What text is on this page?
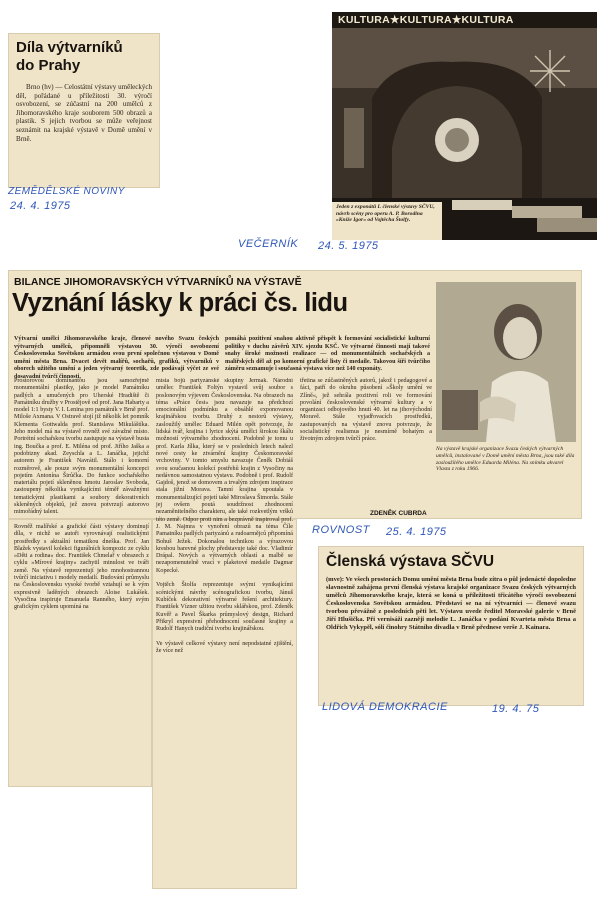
Díla výtvarníků
do Prahy

Brno (hv) — Celostátní výstavy uměleckých děl, pořádané u příležitosti 30. výročí osvobození, se zúčastní na 200 umělců z Jihomoravského kraje souborem 500 obrazů a plastik. S jejich tvorbou se může veřejnost seznámit na krajské výstavě v Domě umění v Brně.

ZEMĚDĚLSKÉ NOVINY
24. 4. 1975
KULTURA★KULTURA★KULTURA

Jeden z exponátů I. členské výstavy SČVU, návrh scény pro operu A. P. Borodina »Kníže Igor« od Vojtěcha Štolfy.

VEČERNÍK 24. 5. 1975
BILANCE JIHOMORAVSKÝCH VÝTVARNÍKŮ NA VÝSTAVĚ
Vyznání lásky k práci čs. lidu

Výtvarní umělci Jihomoravského kraje, členové nového Svazu českých výtvarných umělců, připomněli výstavou 30. výročí osvobození Československa Sovětskou armádou svou první společnou výstavou v Domě umění města Brna. Dvacet devět malířů, sochařů, grafiků, výtvarníků v oborech užitého umění a jeden výtvarný teoretik, zde podávají výčet ze své dosavadní tvůrčí činnosti,

pomáhá pozitivní snahou aktivně přispět k formování socialistické kulturní politiky v duchu závěrů XIV. sjezdu KSČ. Ve výtvarné činnosti mají takové snahy široké možnosti realizace — od monumentálních sochařských a malířských děl až po komorní grafické listy či medaile. Takovou šíři tvůrčího záměru seznamuje i současná výstava více než 140 exponáty.

Na výstavě krajské organizace Svazu českých výtvarných umělců, instalované v Domě umění města Brna, jsou také díla zasloužilého umělce Eduarda Miléna. Na snímku akvarel Vlasta z roku 1966.

Prostorovou dominantou jsou samozřejmě monumentální plastiky, jako je model Památníku padlých a umučených pro Uherské Hradiště či Památníku družby v Prostějově od prof. Jana Habarty a model 1:1 bysty V. I. Lenina pro památník v Brně prof. Miloše Axmana. V Ostravě stojí již několik let pomník Klementa Gottwalda prof. Stanislava Mikuláštíka. Jeho model má na výstavě rovněž své závažné místo. Portrétní sochařskou tvorbu zastupuje na výstavě busta ing. Boučka a prof. E. Miléna od prof. Jiřího Jaška a podobizny akad. Zeyschla a L. Janáčka, jejichž autorem je František Navrátil. Stálo i komorní rozměrově, ale pouze svým monumentální koncepci pojetím Antonína Širůčka. Do funkce sochařského materiálu pojetí skleněnou hmotu Jaroslav Svoboda, zastoupený několika vynikajícími téměř závažnými tematickými plastikami a soubory dekorativních skleněných objektů, jež znovu potvrzují autorovo mimořádný talent.

Rovněž malířské a grafické části výstavy dominují díla, v nichž se autoři vyrovnávají realistickými prostředky s aktuální tematikou dneška. Prof. Jan Blažek vystavil kolekci figurálních kompozic ze cyklu »Děti a rodina« doc. František Chmelař v obrazech z cyklu »Mírové krajiny« zachytil minulost ve tváři země. Na výstavě reprezentují jeho mnohostrannou tvůrčí iniciativu i modely medailí. Budování průmyslu na Československu vysoké tvorbě vztahují se k vým expresivně laděných obrazech Aloise Lukášek. Vysočina inspiruje Emanuela Ranného, který svým grafickým cyklem upomíná na

místa bojů partyzánské skupiny Jermak. Národní umělec František Foltýn vystavil svůj soubor s poslonovým výjevem Československa. Na obrazech na téma »Práce čest« jsou navazuje na předchozí emocionální podmínku a obsáhlé exponovanou krajinářskou tvorbu. Druhý z nestorů výstavy, zasloužilý umělec Eduard Milén opět potvrzuje, že lidská tvář, krajina i lyrice skýtá umělci širokou škálu možností výtvarného zhodnocení. Podobně je tomu u prof. Karla Jílka, který se v posledních letech nalezl nové cesty ke ztvárnění krajiny Českomoravské vrchoviny. V tomto smyslu navazuje Čeněk Dobiáš svou současnou kolekcí postřehů krajin z Vysočiny na nedávnou samostatnou výstavu. Podobně i prof. Rudolf Gajdoš, jenož se domovem a trvalým zdrojem inspirace stala jižní Morava. Tamní krajina upoutala v monumentalizující pojetí také Miroslava Šimorda. Stále jej ovšem poutá soudržnost zhodnocení nezaměnitelného charakteru, ale také rozkvetlým vršků této země. Odpor proti nim a bezprávně inspiroval prof. J. M. Najmra v vynoření obrazů na téma Číle Pamatníku padlých partyzánů a rudoarmějců připomíná Bohuš Ježek. Dokonalou technikou a výrazovou kresbou barevné plochy představuje také doc. Vladimír Drápal. Nových a výtvarných oblastí a malbě se nezapomenutelně vrací v plaketové medaile Dagmar Kopecké.

Vojtěch Štolfa reprezentuje svými vynikajícími scénickými návrhy scénografickou tvorbu, Jánuš Kubíček dekorativní výtvarné řešení architektury. František Vízner užitou tvorbu sklářskou, prof. Zdeněk Kuvěř a Pavel Škarka průmyslový design, Richard Přikryl expresivní přehodnocení současné krajiny a Rudolf Hanych tradiční tvorbu krajinářskou.

Ve výstavě celkové výstavy není nepodstatné zjištění, že více než

třetina se zúčastněných autorů, jakož i pedagogové a fáci, patří do okruhu působení »Školy umění ve Zlíně«, jež sehrála pozitivní roli ve formování povolání československé výtvarné kultury a v organizaci odbojového hnutí 40. let na jihovýchodní Moravě. Stále vyjadřovacích prostředků, zastupovaných na výstavě znovu potvrzuje, že socialistický realismus je nesmírně bohatým a životným zdrojem tvůrčí práce.

ZDENĚK CUBRDA
ROVNOST 25. 4. 1975
Členská výstava SČVU

(mve): Ve všech prostorách Domu umění města Brna bude zítra o půl jedenácté dopoledne slavnostně zahájena první členská výstava krajské organizace Svazu českých výtvarných umělců Jihomoravského kraje, která se koná u příležitosti třicátého výročí osvobození Československa Sovětskou armádou. Představí se na ní výtvarníci — členové svazu tvorbou převážně z posledních pěti let. Výstavu uvede ředitel Moravské galerie v Brně Jiří Hlušička. Při vernisáži zazněji melodie L. Janáčka v podání Kvarteta města Brna a Oldřich Vykypěl, sólí činohry Státního divadla v Brně přednese verše J. Kainara.

LIDOVÁ DEMOKRACIE	19. 4. 75
